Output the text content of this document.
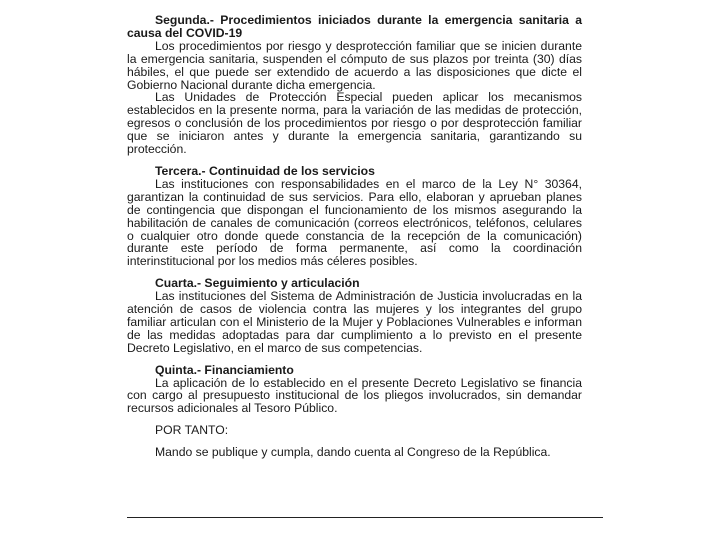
Segunda.- Procedimientos iniciados durante la emergencia sanitaria a causa del COVID-19

Los procedimientos por riesgo y desprotección familiar que se inicien durante la emergencia sanitaria, suspenden el cómputo de sus plazos por treinta (30) días hábiles, el que puede ser extendido de acuerdo a las disposiciones que dicte el Gobierno Nacional durante dicha emergencia.

Las Unidades de Protección Especial pueden aplicar los mecanismos establecidos en la presente norma, para la variación de las medidas de protección, egresos o conclusión de los procedimientos por riesgo o por desprotección familiar que se iniciaron antes y durante la emergencia sanitaria, garantizando su protección.

Tercera.- Continuidad de los servicios

Las instituciones con responsabilidades en el marco de la Ley N° 30364, garantizan la continuidad de sus servicios. Para ello, elaboran y aprueban planes de contingencia que dispongan el funcionamiento de los mismos asegurando la habilitación de canales de comunicación (correos electrónicos, teléfonos, celulares o cualquier otro donde quede constancia de la recepción de la comunicación) durante este período de forma permanente, así como la coordinación interinstitucional por los medios más céleres posibles.

Cuarta.- Seguimiento y articulación

Las instituciones del Sistema de Administración de Justicia involucradas en la atención de casos de violencia contra las mujeres y los integrantes del grupo familiar articulan con el Ministerio de la Mujer y Poblaciones Vulnerables e informan de las medidas adoptadas para dar cumplimiento a lo previsto en el presente Decreto Legislativo, en el marco de sus competencias.

Quinta.- Financiamiento

La aplicación de lo establecido en el presente Decreto Legislativo se financia con cargo al presupuesto institucional de los pliegos involucrados, sin demandar recursos adicionales al Tesoro Público.

POR TANTO:

Mando se publique y cumpla, dando cuenta al Congreso de la República.
